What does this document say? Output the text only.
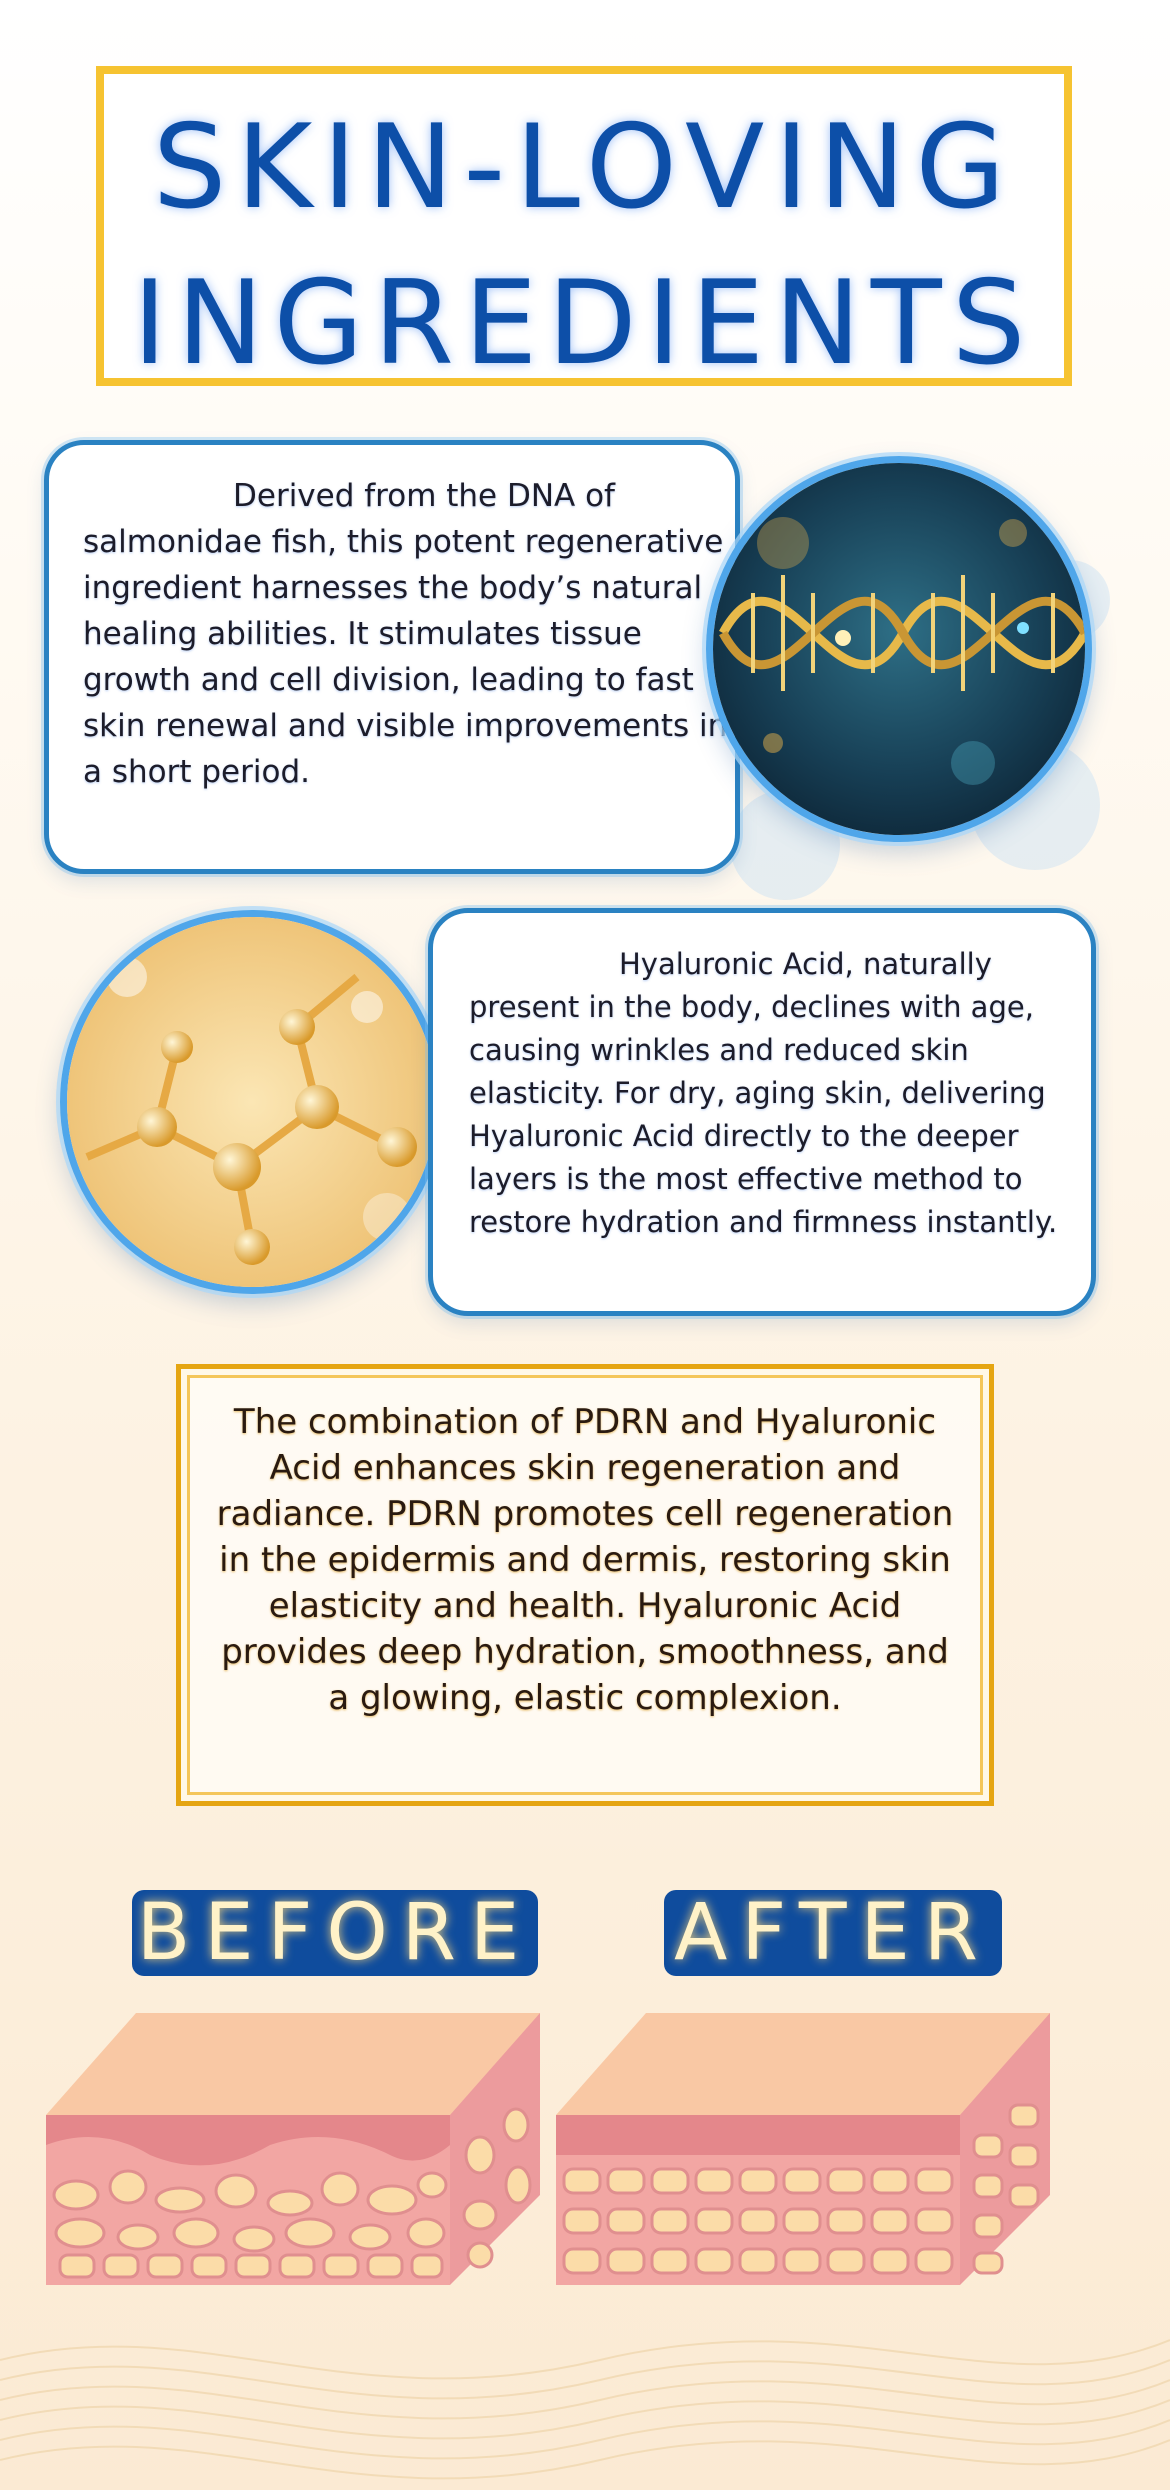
SKIN-LOVING
INGREDIENTS

Derived from the DNA of salmonidae fish, this potent regenerative ingredient harnesses the body’s natural healing abilities. It stimulates tissue growth and cell division, leading to fast skin renewal and visible improvements in a short period.

Hyaluronic Acid, naturally present in the body, declines with age, causing wrinkles and reduced skin elasticity. For dry, aging skin, delivering Hyaluronic Acid directly to the deeper layers is the most effective method to restore hydration and firmness instantly.

The combination of PDRN and Hyaluronic Acid enhances skin regeneration and radiance. PDRN promotes cell regeneration in the epidermis and dermis, restoring skin elasticity and health. Hyaluronic Acid provides deep hydration, smoothness, and a glowing, elastic complexion.

BEFORE AFTER
